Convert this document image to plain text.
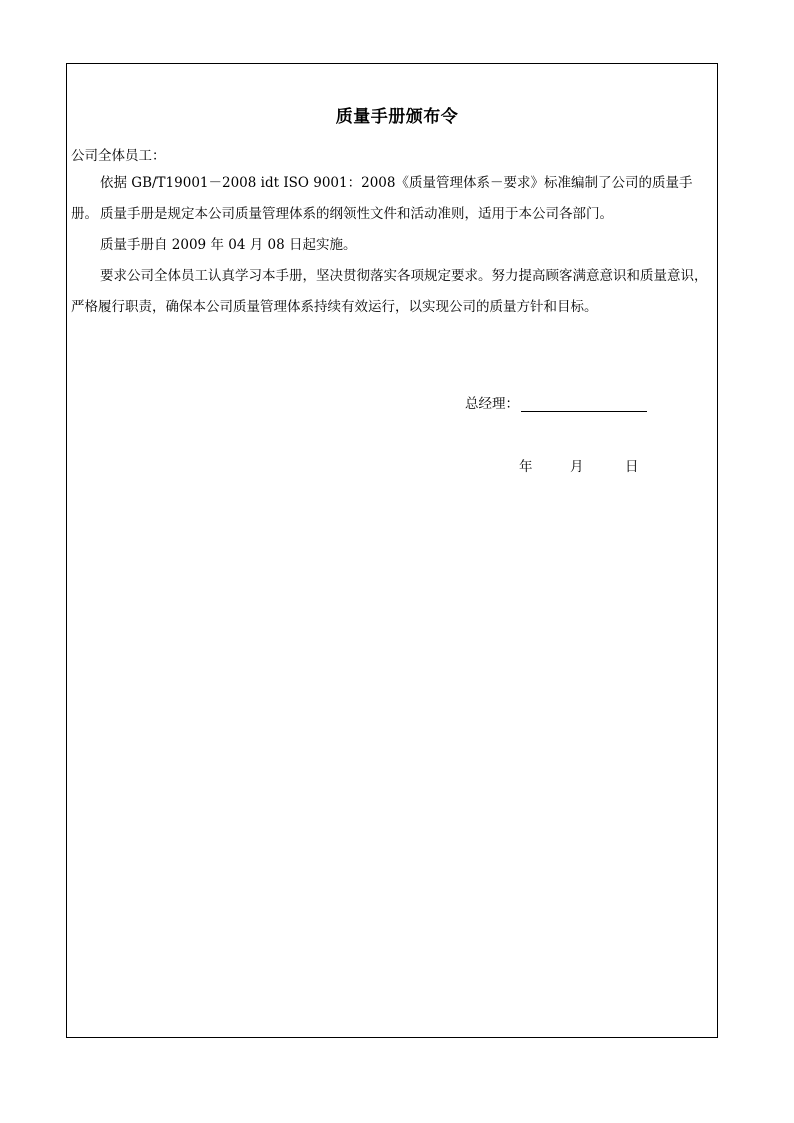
质量手册颁布令
公司全体员工：
依据 GB/T19001－2008 idt ISO 9001：2008《质量管理体系－要求》标准编制了公司的质量手册。 质量手册是规定本公司质量管理体系的纲领性文件和活动准则，适用于本公司各部门。
质量手册自 2009 年 04 月 08 日起实施。
要求公司全体员工认真学习本手册，坚决贯彻落实各项规定要求。努力提高顾客满意意识和质量意识，严格履行职责，确保本公司质量管理体系持续有效运行，以实现公司的质量方针和目标。
总经理：
年	月	日
